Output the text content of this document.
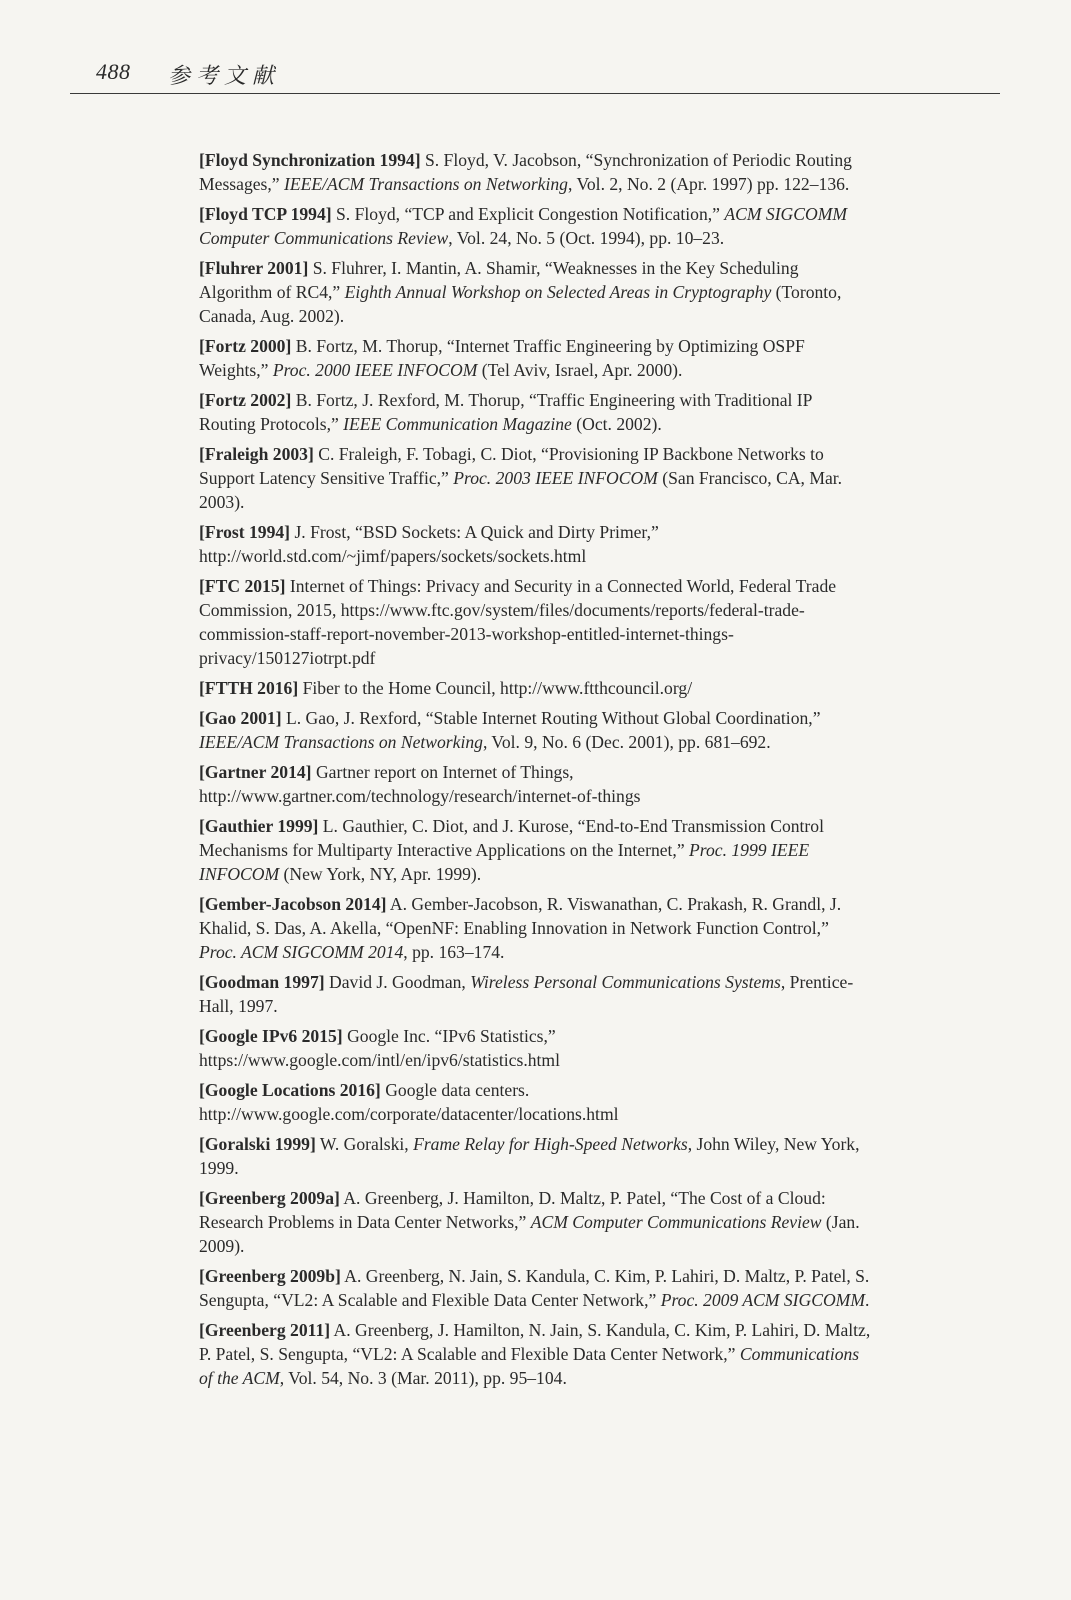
488 参考文献

[Floyd Synchronization 1994] S. Floyd, V. Jacobson, “Synchronization of Periodic Routing Messages,” IEEE/ACM Transactions on Networking, Vol. 2, No. 2 (Apr. 1997) pp. 122–136.

[Floyd TCP 1994] S. Floyd, “TCP and Explicit Congestion Notification,” ACM SIGCOMM Computer Communications Review, Vol. 24, No. 5 (Oct. 1994), pp. 10–23.

[Fluhrer 2001] S. Fluhrer, I. Mantin, A. Shamir, “Weaknesses in the Key Scheduling Algorithm of RC4,” Eighth Annual Workshop on Selected Areas in Cryptography (Toronto, Canada, Aug. 2002).

[Fortz 2000] B. Fortz, M. Thorup, “Internet Traffic Engineering by Optimizing OSPF Weights,” Proc. 2000 IEEE INFOCOM (Tel Aviv, Israel, Apr. 2000).

[Fortz 2002] B. Fortz, J. Rexford, M. Thorup, “Traffic Engineering with Traditional IP Routing Protocols,” IEEE Communication Magazine (Oct. 2002).

[Fraleigh 2003] C. Fraleigh, F. Tobagi, C. Diot, “Provisioning IP Backbone Networks to Support Latency Sensitive Traffic,” Proc. 2003 IEEE INFOCOM (San Francisco, CA, Mar. 2003).

[Frost 1994] J. Frost, “BSD Sockets: A Quick and Dirty Primer,” http://world.std.com/~jimf/papers/sockets/sockets.html

[FTC 2015] Internet of Things: Privacy and Security in a Connected World, Federal Trade Commission, 2015, https://www.ftc.gov/system/files/documents/reports/federal-trade-commission-staff-report-november-2013-workshop-entitled-internet-things-privacy/150127iotrpt.pdf

[FTTH 2016] Fiber to the Home Council, http://www.ftthcouncil.org/

[Gao 2001] L. Gao, J. Rexford, “Stable Internet Routing Without Global Coordination,” IEEE/ACM Transactions on Networking, Vol. 9, No. 6 (Dec. 2001), pp. 681–692.

[Gartner 2014] Gartner report on Internet of Things, http://www.gartner.com/technology/research/internet-of-things

[Gauthier 1999] L. Gauthier, C. Diot, and J. Kurose, “End-to-End Transmission Control Mechanisms for Multiparty Interactive Applications on the Internet,” Proc. 1999 IEEE INFOCOM (New York, NY, Apr. 1999).

[Gember-Jacobson 2014] A. Gember-Jacobson, R. Viswanathan, C. Prakash, R. Grandl, J. Khalid, S. Das, A. Akella, “OpenNF: Enabling Innovation in Network Function Control,” Proc. ACM SIGCOMM 2014, pp. 163–174.

[Goodman 1997] David J. Goodman, Wireless Personal Communications Systems, Prentice-Hall, 1997.

[Google IPv6 2015] Google Inc. “IPv6 Statistics,” https://www.google.com/intl/en/ipv6/statistics.html

[Google Locations 2016] Google data centers. http://www.google.com/corporate/datacenter/locations.html

[Goralski 1999] W. Goralski, Frame Relay for High-Speed Networks, John Wiley, New York, 1999.

[Greenberg 2009a] A. Greenberg, J. Hamilton, D. Maltz, P. Patel, “The Cost of a Cloud: Research Problems in Data Center Networks,” ACM Computer Communications Review (Jan. 2009).

[Greenberg 2009b] A. Greenberg, N. Jain, S. Kandula, C. Kim, P. Lahiri, D. Maltz, P. Patel, S. Sengupta, “VL2: A Scalable and Flexible Data Center Network,” Proc. 2009 ACM SIGCOMM.

[Greenberg 2011] A. Greenberg, J. Hamilton, N. Jain, S. Kandula, C. Kim, P. Lahiri, D. Maltz, P. Patel, S. Sengupta, “VL2: A Scalable and Flexible Data Center Network,” Communications of the ACM, Vol. 54, No. 3 (Mar. 2011), pp. 95–104.
